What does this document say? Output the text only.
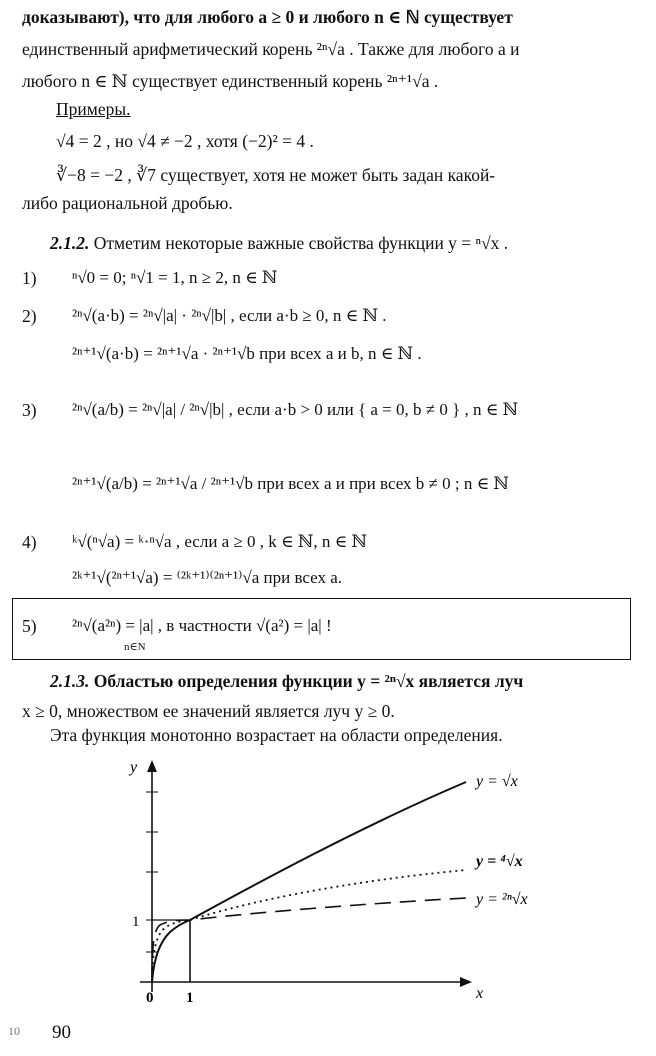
доказывают), что для любого a ≥ 0 и любого n ∈ ℕ существует
единственный арифметический корень ²ⁿ√a . Также для любого a и
любого n ∈ ℕ существует единственный корень ²ⁿ⁺¹√a .
Примеры.
√4 = 2 , но √4 ≠ −2 , хотя (−2)² = 4 .
∛−8 = −2 , ∛7 существует, хотя не может быть задан какой-
либо рациональной дробью.
2.1.2. Отметим некоторые важные свойства функции y = ⁿ√x .
1) ⁿ√0 = 0; ⁿ√1 = 1, n ≥ 2, n ∈ ℕ
2) ²ⁿ√(a·b) = ²ⁿ√|a| · ²ⁿ√|b| , если a·b ≥ 0, n ∈ ℕ .
²ⁿ⁺¹√(a·b) = ²ⁿ⁺¹√a · ²ⁿ⁺¹√b при всех a и b, n ∈ ℕ .
3) ²ⁿ√(a/b) = ²ⁿ√|a| / ²ⁿ√|b| , если a·b > 0 или { a = 0, b ≠ 0 } , n ∈ ℕ
²ⁿ⁺¹√(a/b) = ²ⁿ⁺¹√a / ²ⁿ⁺¹√b при всех a и при всех b ≠ 0 ; n ∈ ℕ
4) ᵏ√(ⁿ√a) = ᵏ·ⁿ√a , если a ≥ 0 , k ∈ ℕ, n ∈ ℕ
²ᵏ⁺¹√(²ⁿ⁺¹√a) = ⁽²ᵏ⁺¹⁾⁽²ⁿ⁺¹⁾√a при всех a.
5) ²ⁿ√(a²ⁿ) = |a| , в частности √(a²) = |a| !
n∈N
2.1.3. Областью определения функции y = ²ⁿ√x является луч
x ≥ 0, множеством ее значений является луч y ≥ 0.
Эта функция монотонно возрастает на области определения.
y
x
0 1
1
y = √x
y = ⁴√x
y = ²ⁿ√x
10 90
